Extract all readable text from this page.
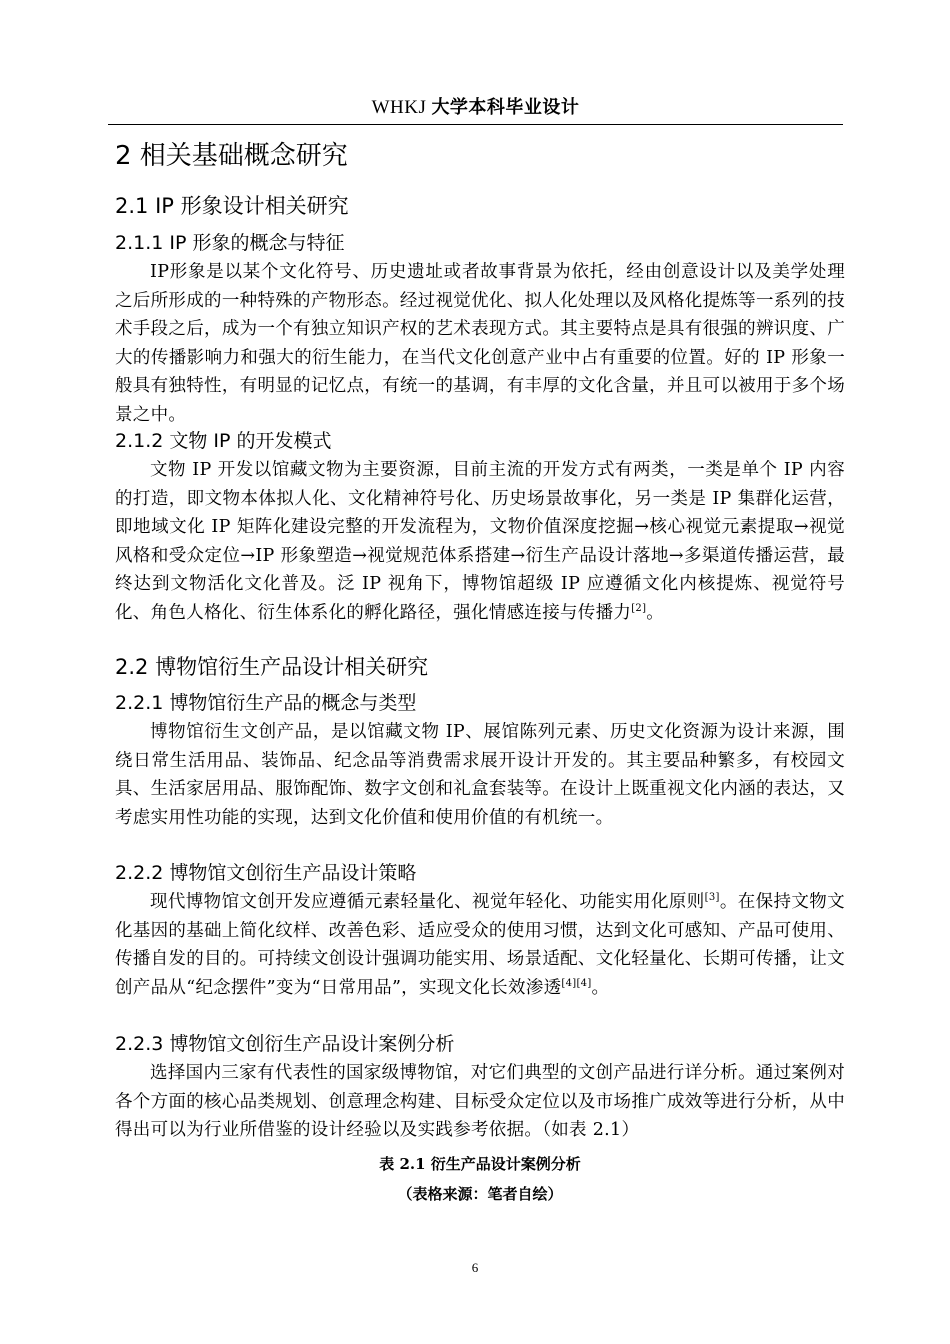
WHKJ 大学本科毕业设计
2 相关基础概念研究
2.1 IP 形象设计相关研究
2.1.1 IP 形象的概念与特征

IP形象是以某个文化符号、历史遗址或者故事背景为依托，经由创意设计以及美学处理之后所形成的一种特殊的产物形态。经过视觉优化、拟人化处理以及风格化提炼等一系列的技术手段之后，成为一个有独立知识产权的艺术表现方式。其主要特点是具有很强的辨识度、广大的传播影响力和强大的衍生能力，在当代文化创意产业中占有重要的位置。好的 IP 形象一般具有独特性，有明显的记忆点，有统一的基调，有丰厚的文化含量，并且可以被用于多个场景之中。

2.1.2 文物 IP 的开发模式

文物 IP 开发以馆藏文物为主要资源，目前主流的开发方式有两类，一类是单个 IP 内容的打造，即文物本体拟人化、文化精神符号化、历史场景故事化，另一类是 IP 集群化运营，即地域文化 IP 矩阵化建设完整的开发流程为，文物价值深度挖掘→核心视觉元素提取→视觉风格和受众定位→IP 形象塑造→视觉规范体系搭建→衍生产品设计落地→多渠道传播运营，最终达到文物活化文化普及。泛 IP 视角下，博物馆超级 IP 应遵循文化内核提炼、视觉符号化、角色人格化、衍生体系化的孵化路径，强化情感连接与传播力[2]。

2.2 博物馆衍生产品设计相关研究
2.2.1 博物馆衍生产品的概念与类型

博物馆衍生文创产品，是以馆藏文物 IP、展馆陈列元素、历史文化资源为设计来源，围绕日常生活用品、装饰品、纪念品等消费需求展开设计开发的。其主要品种繁多，有校园文具、生活家居用品、服饰配饰、数字文创和礼盒套装等。在设计上既重视文化内涵的表达，又考虑实用性功能的实现，达到文化价值和使用价值的有机统一。

2.2.2 博物馆文创衍生产品设计策略

现代博物馆文创开发应遵循元素轻量化、视觉年轻化、功能实用化原则[3]。在保持文物文化基因的基础上简化纹样、改善色彩、适应受众的使用习惯，达到文化可感知、产品可使用、传播自发的目的。可持续文创设计强调功能实用、场景适配、文化轻量化、长期可传播，让文创产品从“纪念摆件”变为“日常用品”，实现文化长效渗透[4][4]。

2.2.3 博物馆文创衍生产品设计案例分析

选择国内三家有代表性的国家级博物馆，对它们典型的文创产品进行详分析。通过案例对各个方面的核心品类规划、创意理念构建、目标受众定位以及市场推广成效等进行分析，从中得出可以为行业所借鉴的设计经验以及实践参考依据。（如表 2.1）

表 2.1 衍生产品设计案例分析
（表格来源：笔者自绘）
6
